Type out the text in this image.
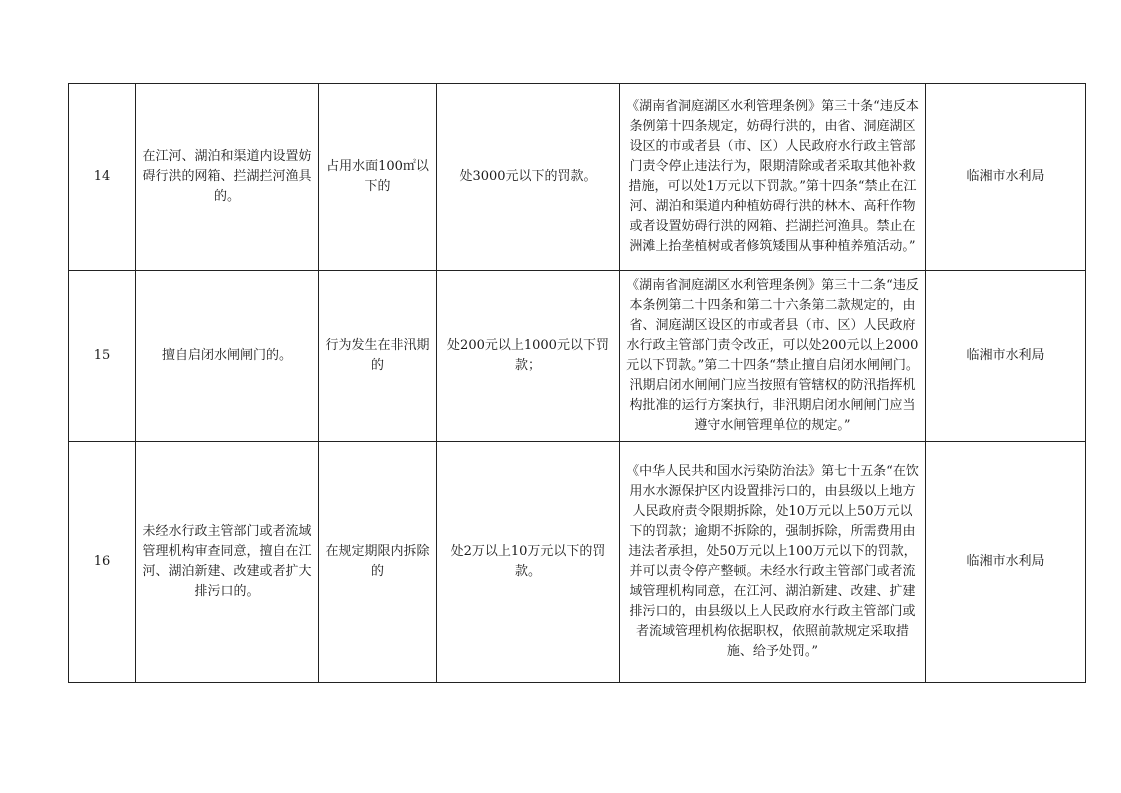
14	在江河、湖泊和渠道内设置妨碍行洪的网箱、拦湖拦河渔具的。	占用水面100㎡以下的	处3000元以下的罚款。	《湖南省洞庭湖区水利管理条例》第三十条“违反本条例第十四条规定，妨碍行洪的，由省、洞庭湖区设区的市或者县（市、区）人民政府水行政主管部门责令停止违法行为，限期清除或者采取其他补救措施，可以处1万元以下罚款。”第十四条“禁止在江河、湖泊和渠道内种植妨碍行洪的林木、高秆作物或者设置妨碍行洪的网箱、拦湖拦河渔具。禁止在洲滩上抬垄植树或者修筑矮围从事种植养殖活动。”	临湘市水利局
15	擅自启闭水闸闸门的。	行为发生在非汛期的	处200元以上1000元以下罚款；	《湖南省洞庭湖区水利管理条例》第三十二条“违反本条例第二十四条和第二十六条第二款规定的，由省、洞庭湖区设区的市或者县（市、区）人民政府水行政主管部门责令改正，可以处200元以上2000元以下罚款。”第二十四条“禁止擅自启闭水闸闸门。汛期启闭水闸闸门应当按照有管辖权的防汛指挥机构批准的运行方案执行，非汛期启闭水闸闸门应当遵守水闸管理单位的规定。”	临湘市水利局
16	未经水行政主管部门或者流域管理机构审查同意，擅自在江河、湖泊新建、改建或者扩大排污口的。	在规定期限内拆除的	处2万以上10万元以下的罚款。	《中华人民共和国水污染防治法》第七十五条“在饮用水水源保护区内设置排污口的，由县级以上地方人民政府责令限期拆除，处10万元以上50万元以下的罚款；逾期不拆除的，强制拆除，所需费用由违法者承担，处50万元以上100万元以下的罚款，并可以责令停产整顿。未经水行政主管部门或者流域管理机构同意，在江河、湖泊新建、改建、扩建排污口的，由县级以上人民政府水行政主管部门或者流域管理机构依据职权，依照前款规定采取措施、给予处罚。”	临湘市水利局
